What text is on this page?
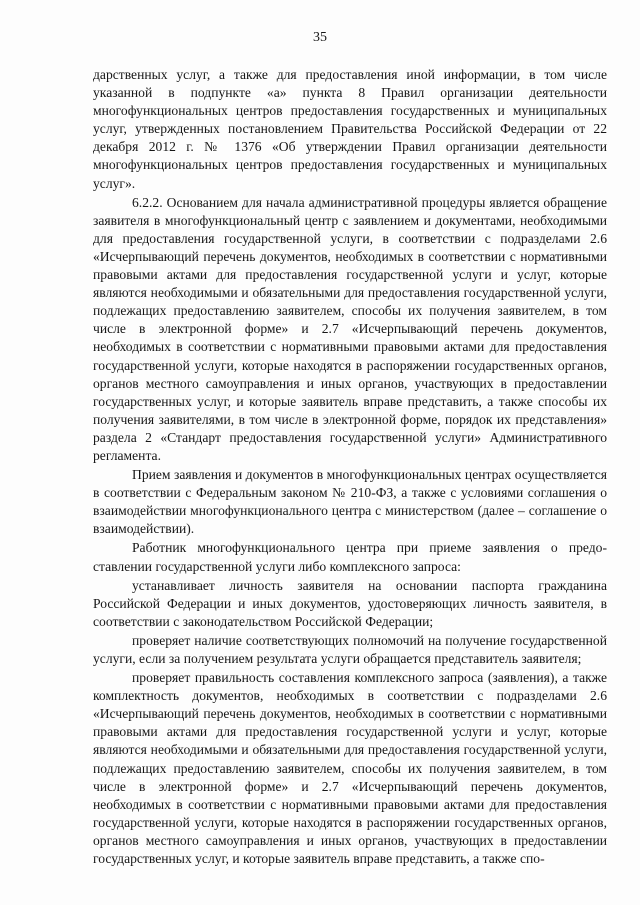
35

дарственных услуг, а также для предоставления иной информации, в том числе указанной в подпункте «а» пункта 8 Правил организации деятельности многофункциональных центров предоставления государственных и муниципальных услуг, утвержденных постановлением Правительства Российской Федерации от 22 декабря 2012 г. № 1376 «Об утверждении Правил организации деятельности многофункциональных центров предоставления государственных и муниципальных услуг».

6.2.2. Основанием для начала административной процедуры является обращение заявителя в многофункциональный центр с заявлением и документами, необходимыми для предоставления государственной услуги, в соответствии с подразделами 2.6 «Исчерпывающий перечень документов, необходимых в соответствии с нормативными правовыми актами для предоставления государственной услуги и услуг, которые являются необходимыми и обязательными для предоставления государственной услуги, подлежащих предоставлению заявителем, способы их получения заявителем, в том числе в электронной форме» и 2.7 «Исчерпывающий перечень документов, необходимых в соответствии с нормативными правовыми актами для предоставления государственной услуги, которые находятся в распоряжении государственных органов, органов местного самоуправления и иных органов, участвующих в предоставлении государственных услуг, и которые заявитель вправе представить, а также способы их получения заявителями, в том числе в электронной форме, порядок их представления» раздела 2 «Стандарт предоставления государственной услуги» Административного регламента.

Прием заявления и документов в многофункциональных центрах осуществляется в соответствии с Федеральным законом № 210-ФЗ, а также с условиями соглашения о взаимодействии многофункционального центра с министерством (далее – соглашение о взаимодействии).

Работник многофункционального центра при приеме заявления о предоставлении государственной услуги либо комплексного запроса:

устанавливает личность заявителя на основании паспорта гражданина Российской Федерации и иных документов, удостоверяющих личность заявителя, в соответствии с законодательством Российской Федерации;

проверяет наличие соответствующих полномочий на получение государственной услуги, если за получением результата услуги обращается представитель заявителя;

проверяет правильность составления комплексного запроса (заявления), а также комплектность документов, необходимых в соответствии с подразделами 2.6 «Исчерпывающий перечень документов, необходимых в соответствии с нормативными правовыми актами для предоставления государственной услуги и услуг, которые являются необходимыми и обязательными для предоставления государственной услуги, подлежащих предоставлению заявителем, способы их получения заявителем, в том числе в электронной форме» и 2.7 «Исчерпывающий перечень документов, необходимых в соответствии с нормативными правовыми актами для предоставления государственной услуги, которые находятся в распоряжении государственных органов, органов местного самоуправления и иных органов, участвующих в предоставлении государственных услуг, и которые заявитель вправе представить, а также спо-
